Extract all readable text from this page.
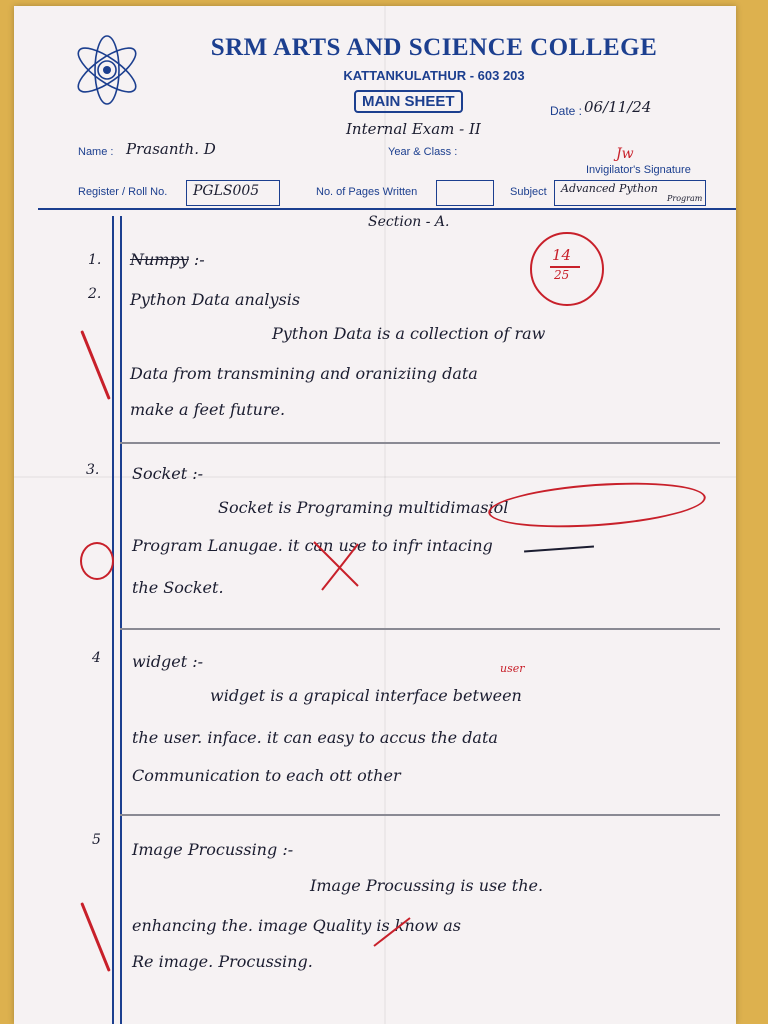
SRM ARTS AND SCIENCE COLLEGE
KATTANKULATHUR - 603 203
MAIN SHEET
Date : 06/11/24
Internal Exam - II
Name : Prasanth. D	Year & Class :	Jw
Invigilator's Signature
Register / Roll No. PGLS005	No. of Pages Written	Subject Advanced Python
Program
Section - A.
14
25
1. Numpy :-
2. Python Data analysis
Python Data is a collection of raw
Data from transmining and oraniziing data
make a feet future.
3. Socket :-
Socket is Programing multidimasiol
Program Lanugae. it can use to infr intacing
the Socket.
4 widget :-	user
widget is a grapical interface between
the user. inface. it can easy to accus the data
Communication to each ott other
5 Image Procussing :-
Image Procussing is use the.
enhancing the. image Quality is know as
Re image. Procussing.
